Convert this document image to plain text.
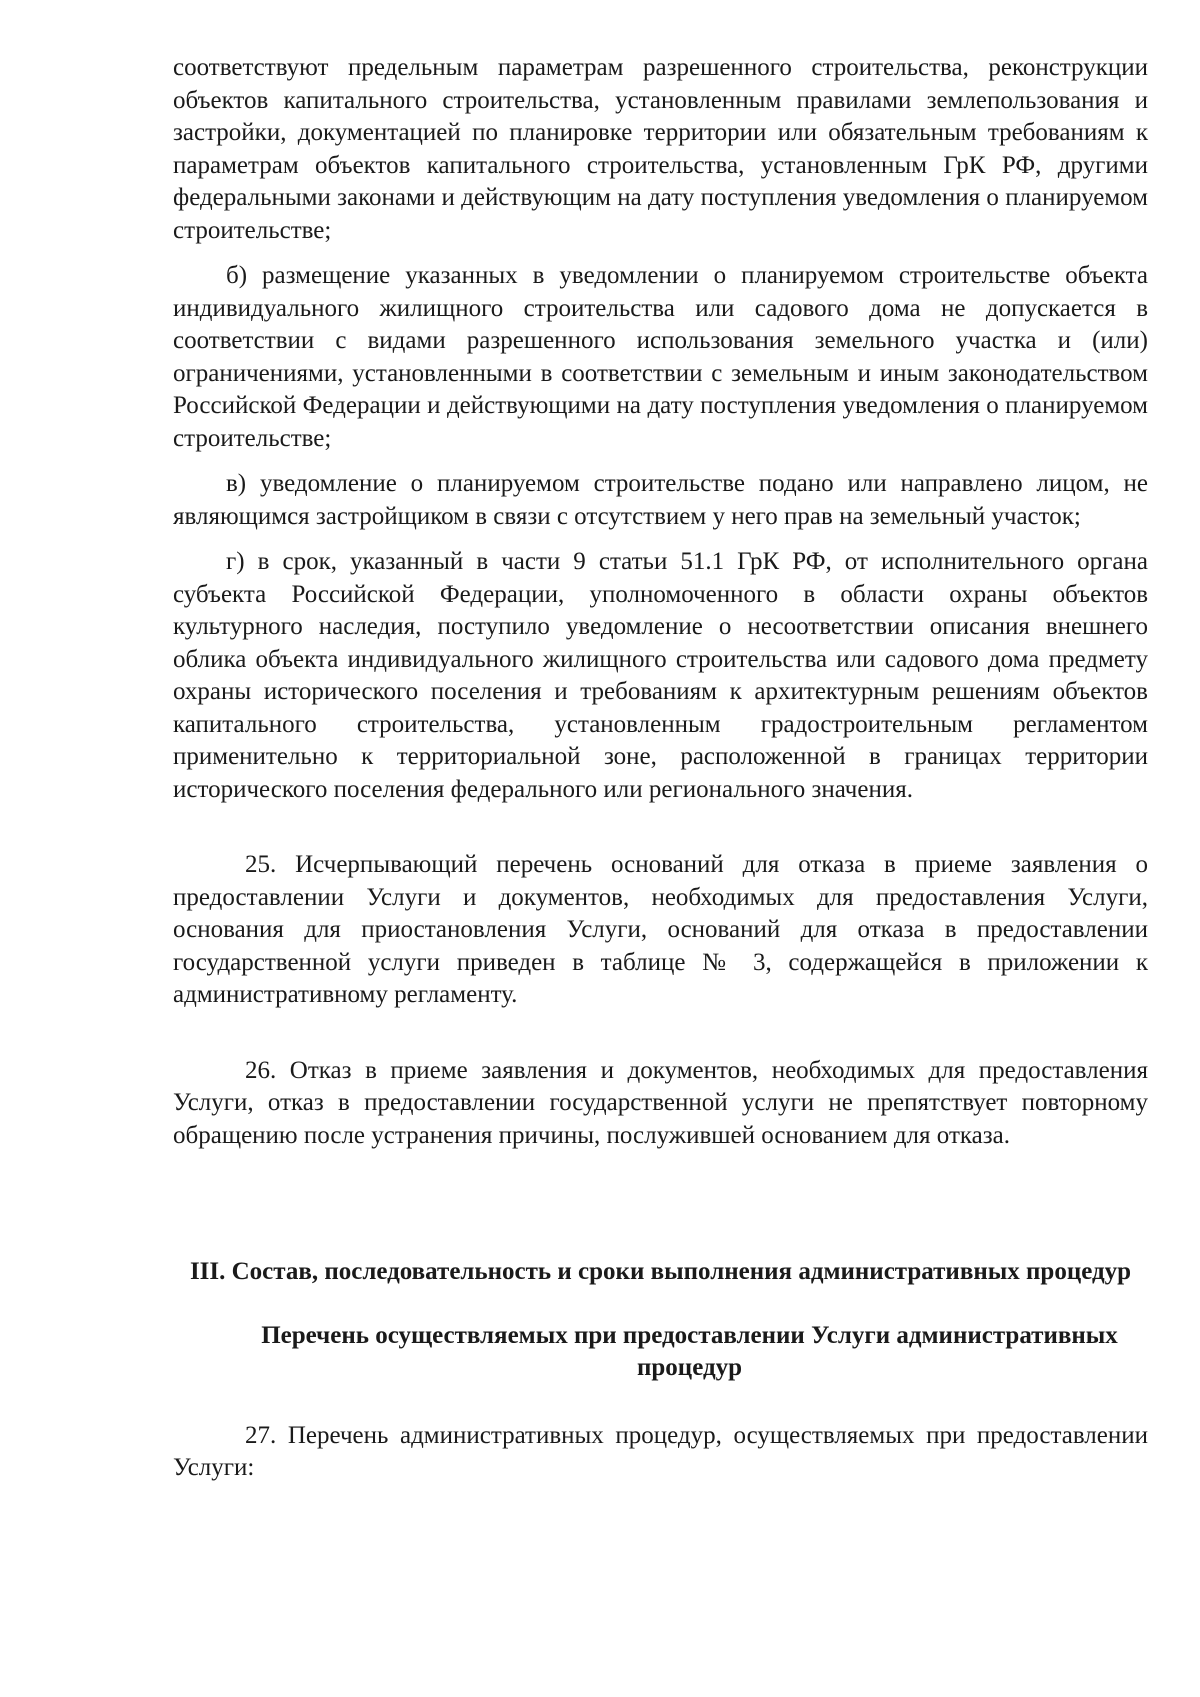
соответствуют предельным параметрам разрешенного строительства, реконструкции объектов капитального строительства, установленным правилами землепользования и застройки, документацией по планировке территории или обязательным требованиям к параметрам объектов капитального строительства, установленным ГрК РФ, другими федеральными законами и действующим на дату поступления уведомления о планируемом строительстве;

б) размещение указанных в уведомлении о планируемом строительстве объекта индивидуального жилищного строительства или садового дома не допускается в соответствии с видами разрешенного использования земельного участка и (или) ограничениями, установленными в соответствии с земельным и иным законодательством Российской Федерации и действующими на дату поступления уведомления о планируемом строительстве;

в) уведомление о планируемом строительстве подано или направлено лицом, не являющимся застройщиком в связи с отсутствием у него прав на земельный участок;

г) в срок, указанный в части 9 статьи 51.1 ГрК РФ, от исполнительного органа субъекта Российской Федерации, уполномоченного в области охраны объектов культурного наследия, поступило уведомление о несоответствии описания внешнего облика объекта индивидуального жилищного строительства или садового дома предмету охраны исторического поселения и требованиям к архитектурным решениям объектов капитального строительства, установленным градостроительным регламентом применительно к территориальной зоне, расположенной в границах территории исторического поселения федерального или регионального значения.

25. Исчерпывающий перечень оснований для отказа в приеме заявления о предоставлении Услуги и документов, необходимых для предоставления Услуги, основания для приостановления Услуги, оснований для отказа в предоставлении государственной услуги приведен в таблице № 3, содержащейся в приложении к административному регламенту.

26. Отказ в приеме заявления и документов, необходимых для предоставления Услуги, отказ в предоставлении государственной услуги не препятствует повторному обращению после устранения причины, послужившей основанием для отказа.

III. Состав, последовательность и сроки выполнения административных процедур

Перечень осуществляемых при предоставлении Услуги административных процедур

27. Перечень административных процедур, осуществляемых при предоставлении Услуги:
